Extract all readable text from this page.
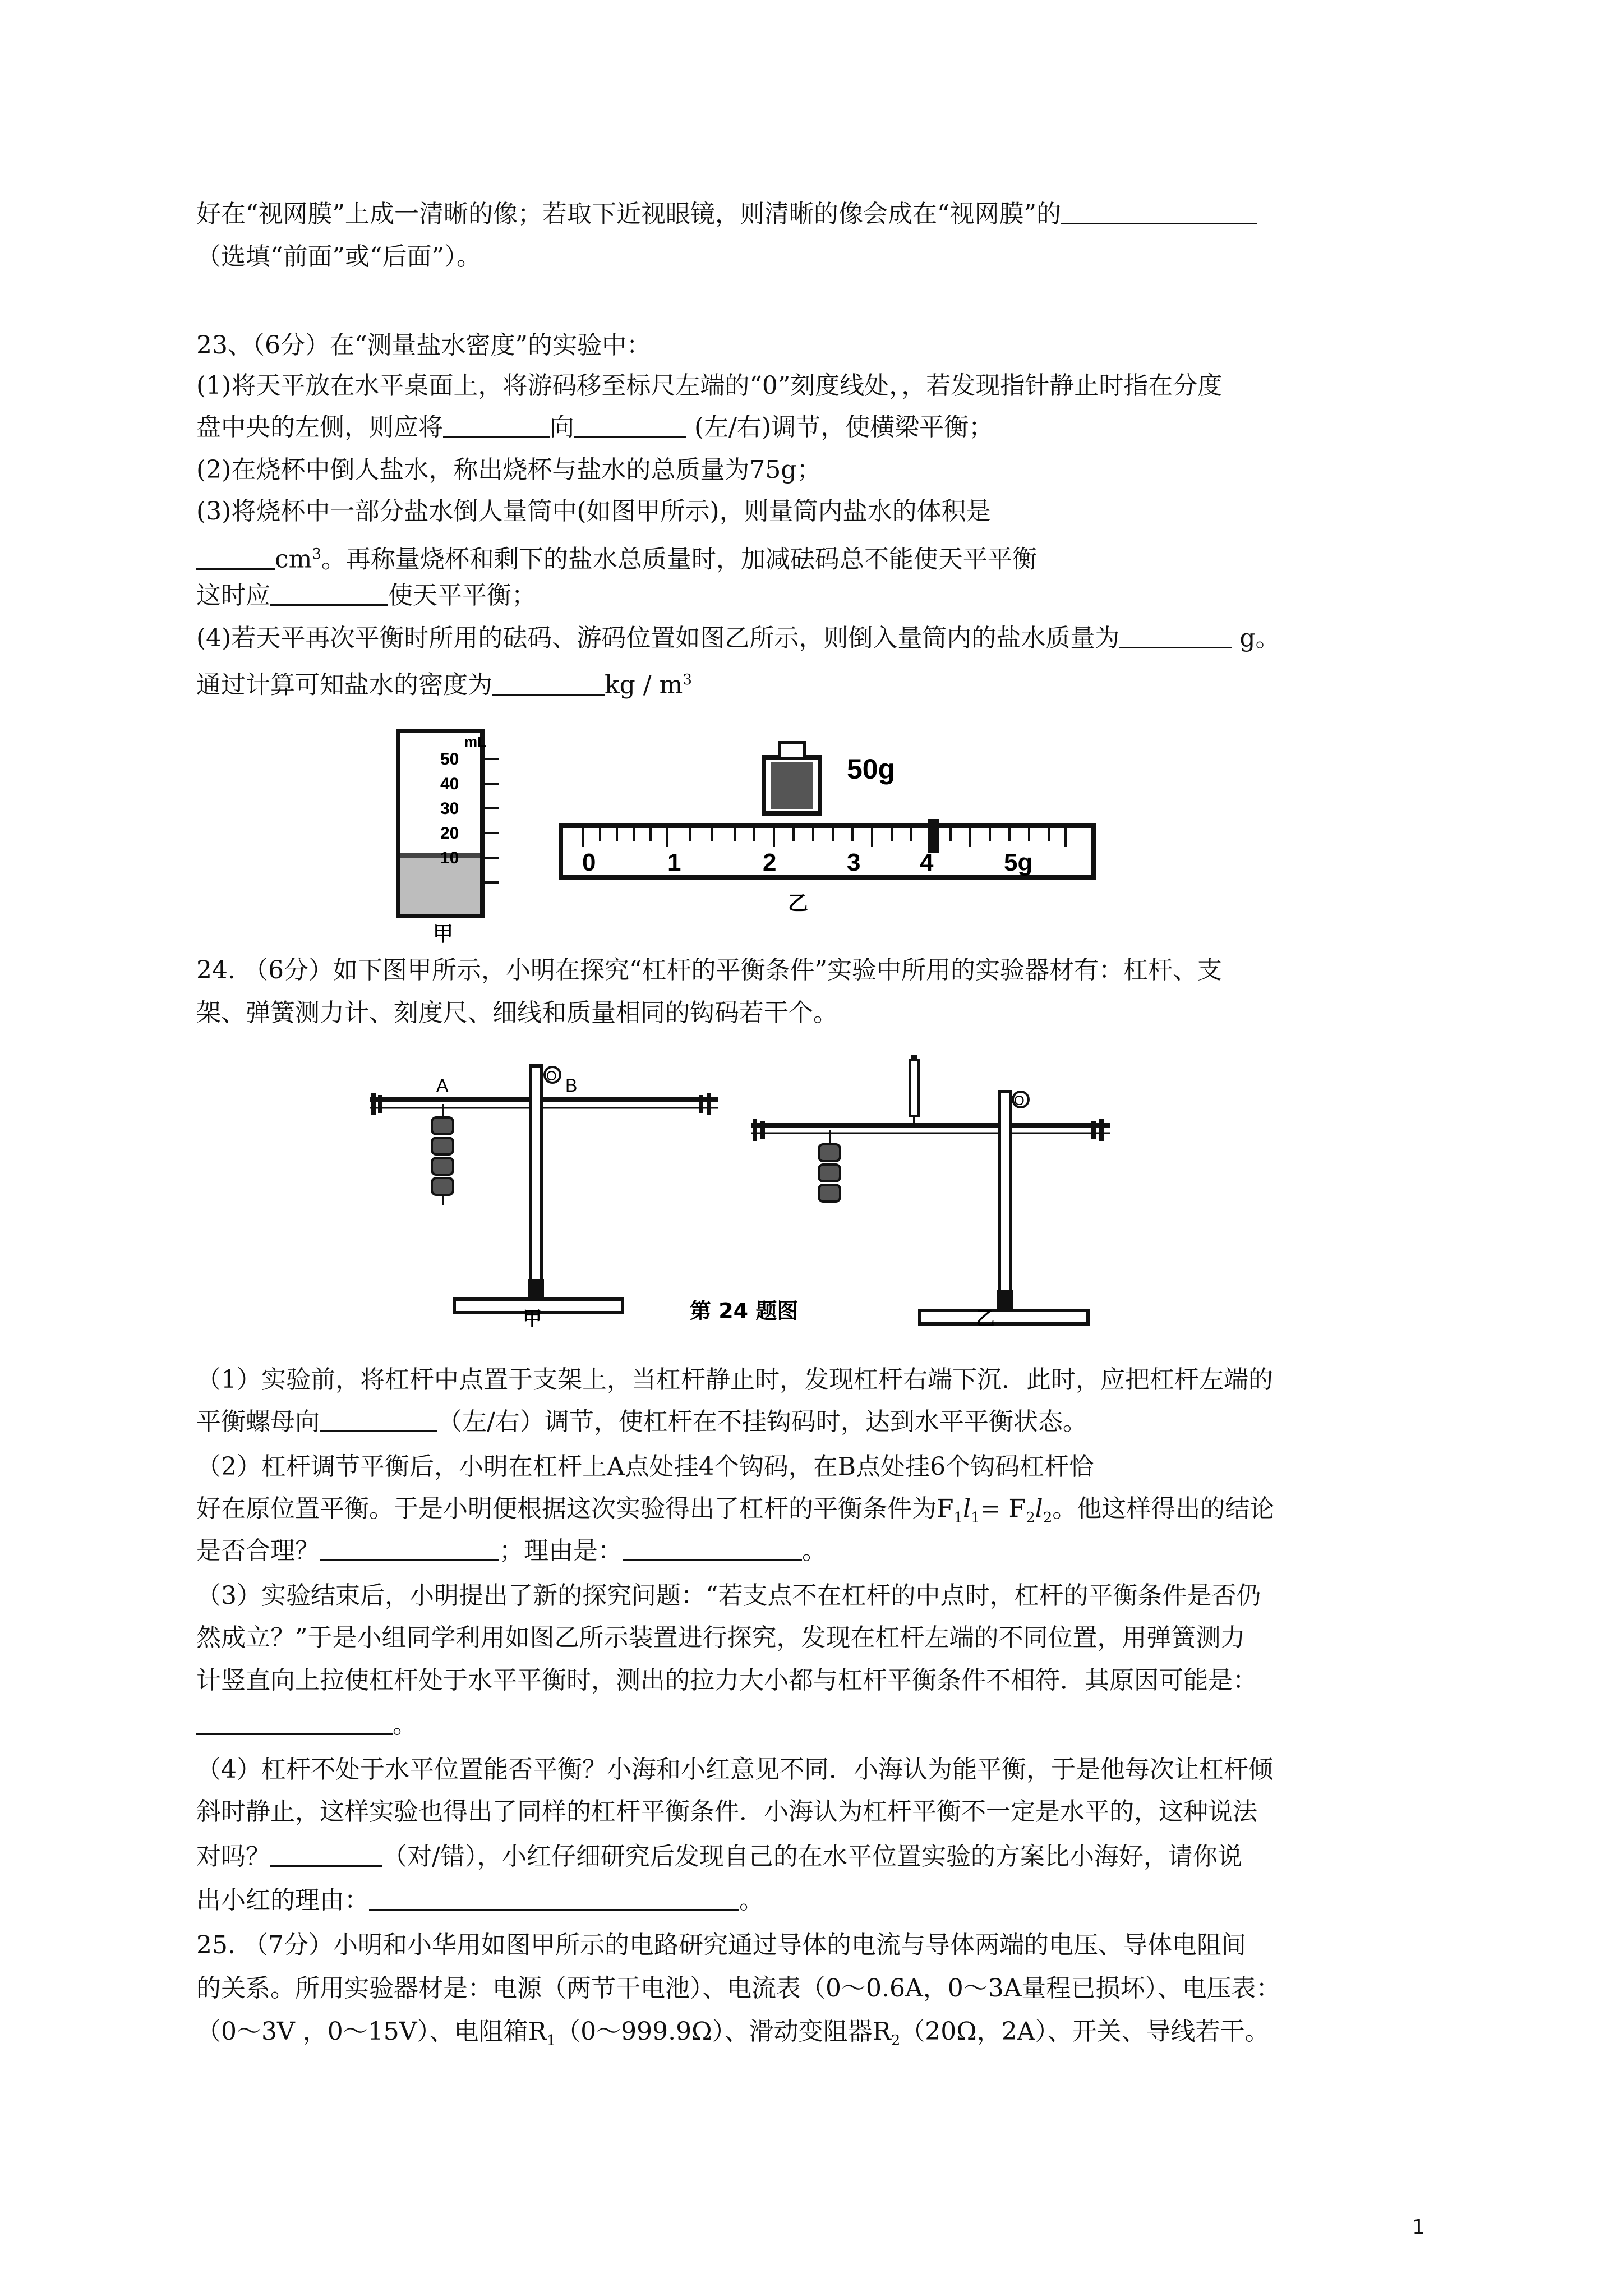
好在“视网膜”上成一清晰的像；若取下近视眼镜，则清晰的像会成在“视网膜”的
（选填“前面”或“后面”）。
23、（6分）在“测量盐水密度”的实验中：
(1)将天平放在水平桌面上，将游码移至标尺左端的“0”刻度线处，，若发现指针静止时指在分度
盘中央的左侧，则应将	向	(左/右)调节，使横梁平衡；
(2)在烧杯中倒人盐水，称出烧杯与盐水的总质量为75g；
(3)将烧杯中一部分盐水倒人量筒中(如图甲所示)，则量筒内盐水的体积是
$cm^3$。再称量烧杯和剩下的盐水总质量时，加减砝码总不能使天平平衡
这时应	使天平平衡；
(4)若天平再次平衡时所用的砝码、游码位置如图乙所示，则倒入量筒内的盐水质量为	g。
通过计算可知盐水的密度为	kg / $m^3$
mL
50
40
30
20
10
甲
50g
0	1	2	3 4	5g
乙
24. （6分）如下图甲所示，小明在探究“杠杆的平衡条件”实验中所用的实验器材有：杠杆、支
架、弹簧测力计、刻度尺、细线和质量相同的钩码若干个。
A	B
O
甲	第 24 题图
O
乙
（1）实验前，将杠杆中点置于支架上，当杠杆静止时，发现杠杆右端下沉．此时，应把杠杆左端的
平衡螺母向	（左/右）调节，使杠杆在不挂钩码时，达到水平平衡状态。
（2）杠杆调节平衡后，小明在杠杆上A点处挂4个钩码，在B点处挂6个钩码杠杆恰
好在原位置平衡。于是小明便根据这次实验得出了杠杆的平衡条件为$F_1l_1= F_2l_2$。他这样得出的结论
是否合理？	；理由是：	。
（3）实验结束后，小明提出了新的探究问题：“若支点不在杠杆的中点时，杠杆的平衡条件是否仍
然成立？”于是小组同学利用如图乙所示装置进行探究，发现在杠杆左端的不同位置，用弹簧测力
计竖直向上拉使杠杆处于水平平衡时，测出的拉力大小都与杠杆平衡条件不相符．其原因可能是：
。
（4）杠杆不处于水平位置能否平衡？小海和小红意见不同．小海认为能平衡，于是他每次让杠杆倾
斜时静止，这样实验也得出了同样的杠杆平衡条件．小海认为杠杆平衡不一定是水平的，这种说法
对吗？	（对/错），小红仔细研究后发现自己的在水平位置实验的方案比小海好，请你说
出小红的理由：	。
25. （7分）小明和小华用如图甲所示的电路研究通过导体的电流与导体两端的电压、导体电阻间
的关系。所用实验器材是：电源（两节干电池）、电流表（0～0.6A，0～3A量程已损坏）、电压表：
（0～3V ，0～15V）、电阻箱$R_1(0\sim 999.9\Omega)$、滑动变阻器$R_2(20\Omega$，2A）、开关、导线若干。
1
